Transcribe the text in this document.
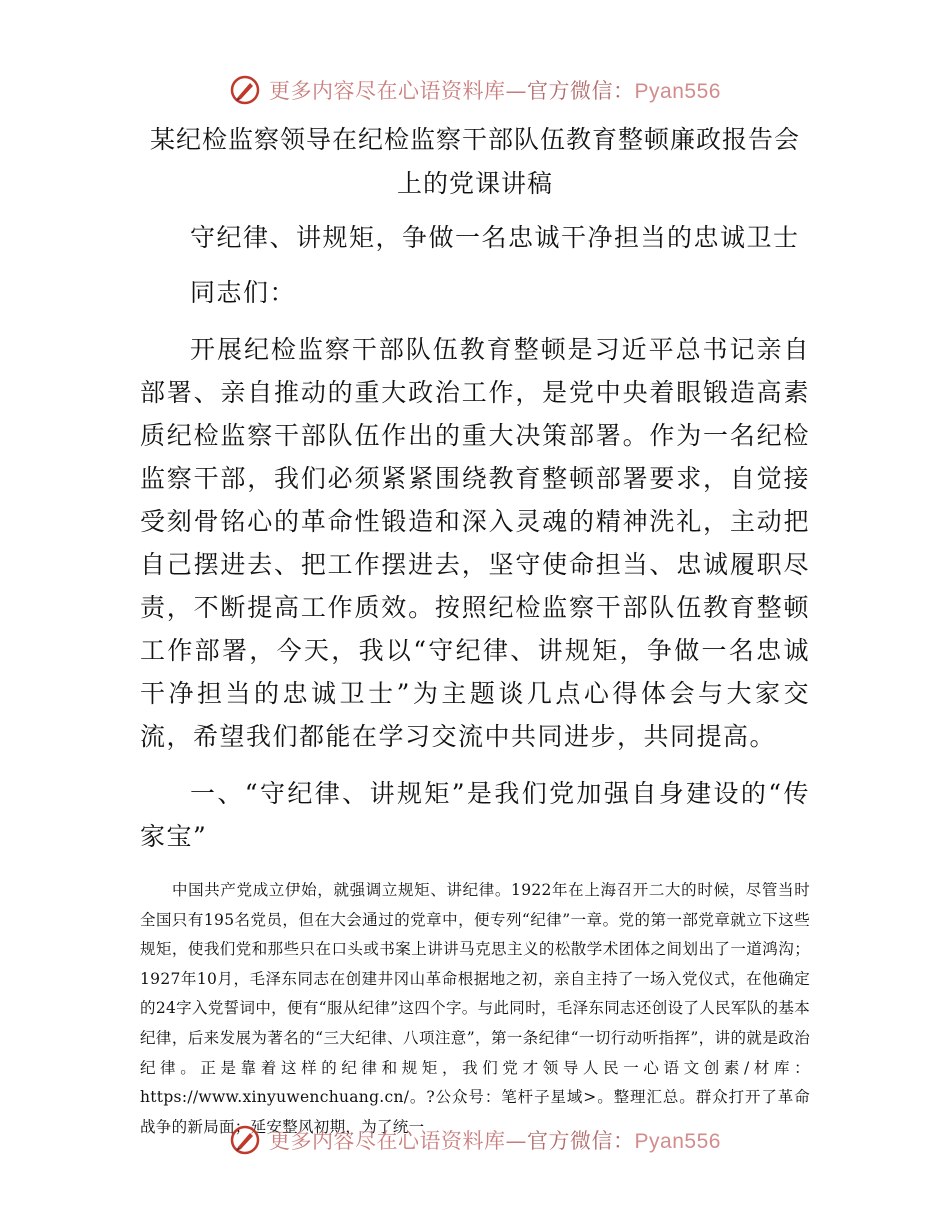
更多内容尽在心语资料库—官方微信：Pyan556

某纪检监察领导在纪检监察干部队伍教育整顿廉政报告会上的党课讲稿

守纪律、讲规矩，争做一名忠诚干净担当的忠诚卫士

同志们：

开展纪检监察干部队伍教育整顿是习近平总书记亲自部署、亲自推动的重大政治工作，是党中央着眼锻造高素质纪检监察干部队伍作出的重大决策部署。作为一名纪检监察干部，我们必须紧紧围绕教育整顿部署要求，自觉接受刻骨铭心的革命性锻造和深入灵魂的精神洗礼，主动把自己摆进去、把工作摆进去，坚守使命担当、忠诚履职尽责，不断提高工作质效。按照纪检监察干部队伍教育整顿工作部署，今天，我以“守纪律、讲规矩，争做一名忠诚干净担当的忠诚卫士”为主题谈几点心得体会与大家交流，希望我们都能在学习交流中共同进步，共同提高。

一、“守纪律、讲规矩”是我们党加强自身建设的“传家宝”

中国共产党成立伊始，就强调立规矩、讲纪律。1922年在上海召开二大的时候，尽管当时全国只有195名党员，但在大会通过的党章中，便专列“纪律”一章。党的第一部党章就立下这些规矩，使我们党和那些只在口头或书案上讲讲马克思主义的松散学术团体之间划出了一道鸿沟；1927年10月，毛泽东同志在创建井冈山革命根据地之初，亲自主持了一场入党仪式，在他确定的24字入党誓词中，便有“服从纪律”这四个字。与此同时，毛泽东同志还创设了人民军队的基本纪律，后来发展为著名的“三大纪律、八项注意”，第一条纪律“一切行动听指挥”，讲的就是政治纪律。正是靠着这样的纪律和规矩，我们党才领导人民一心语文创素/材库：https://www.xinyuwenchuang.cn/。?公众号：笔杆子星域>。整理汇总。群众打开了革命战争的新局面；延安整风初期，为了统一

更多内容尽在心语资料库—官方微信：Pyan556
